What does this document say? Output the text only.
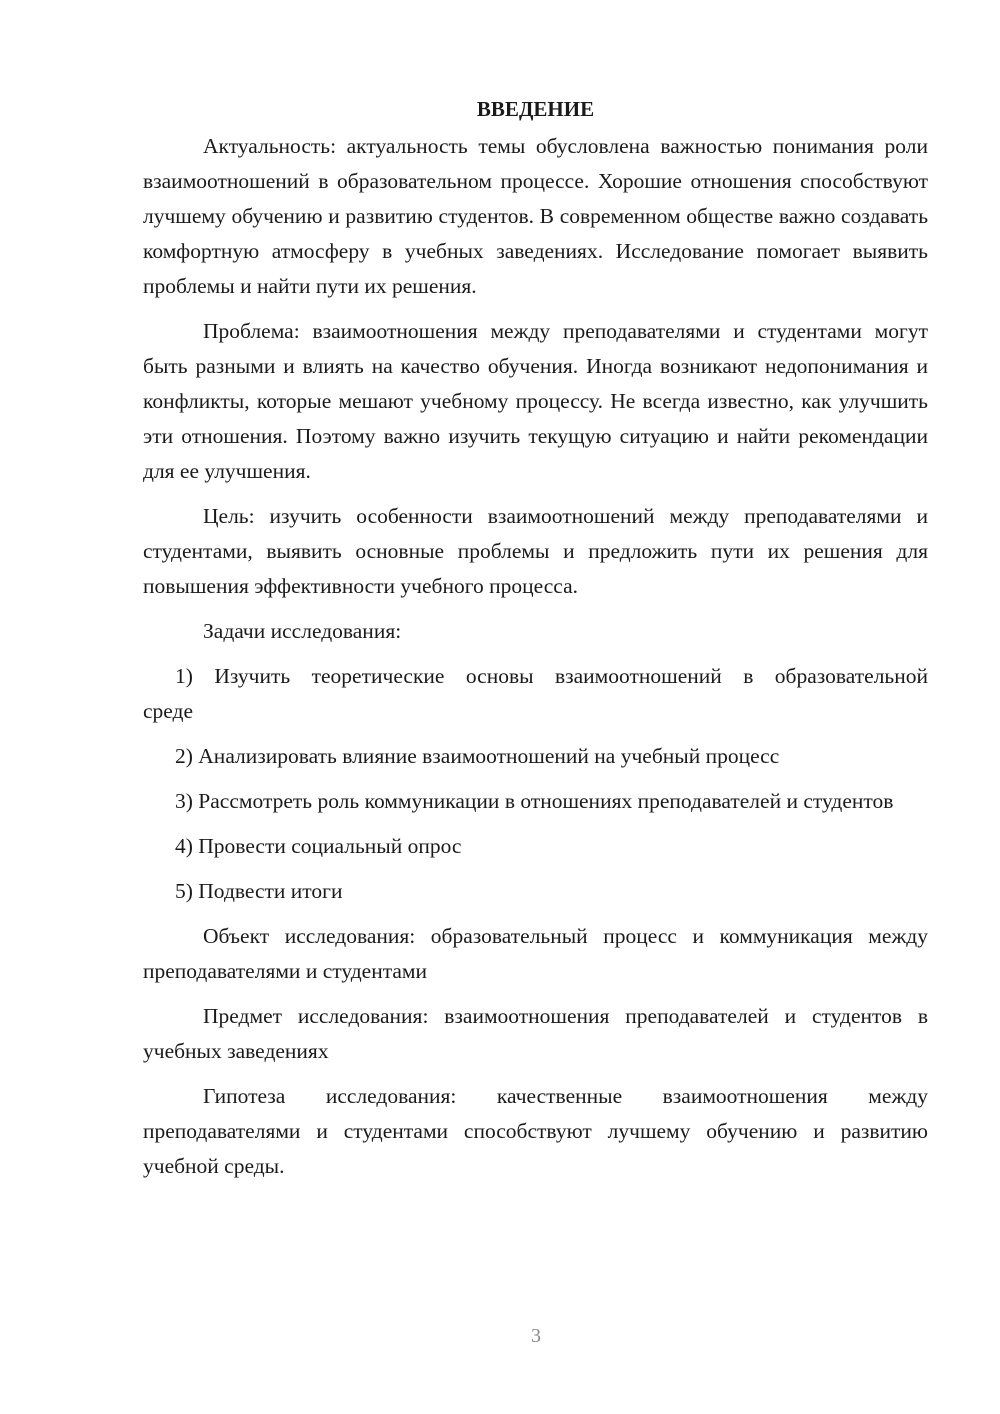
ВВЕДЕНИЕ

Актуальность: актуальность темы обусловлена важностью понимания роли взаимоотношений в образовательном процессе. Хорошие отношения способствуют лучшему обучению и развитию студентов. В современном обществе важно создавать комфортную атмосферу в учебных заведениях. Исследование помогает выявить проблемы и найти пути их решения.

Проблема: взаимоотношения между преподавателями и студентами могут быть разными и влиять на качество обучения. Иногда возникают недопонимания и конфликты, которые мешают учебному процессу. Не всегда известно, как улучшить эти отношения. Поэтому важно изучить текущую ситуацию и найти рекомендации для ее улучшения.

Цель: изучить особенности взаимоотношений между преподавателями и студентами, выявить основные проблемы и предложить пути их решения для повышения эффективности учебного процесса.

Задачи исследования:

1) Изучить теоретические основы взаимоотношений в образовательной среде

2) Анализировать влияние взаимоотношений на учебный процесс

3) Рассмотреть роль коммуникации в отношениях преподавателей и студентов

4) Провести социальный опрос

5) Подвести итоги

Объект исследования: образовательный процесс и коммуникация между преподавателями и студентами

Предмет исследования: взаимоотношения преподавателей и студентов в учебных заведениях

Гипотеза исследования: качественные взаимоотношения между преподавателями и студентами способствуют лучшему обучению и развитию учебной среды.

3
